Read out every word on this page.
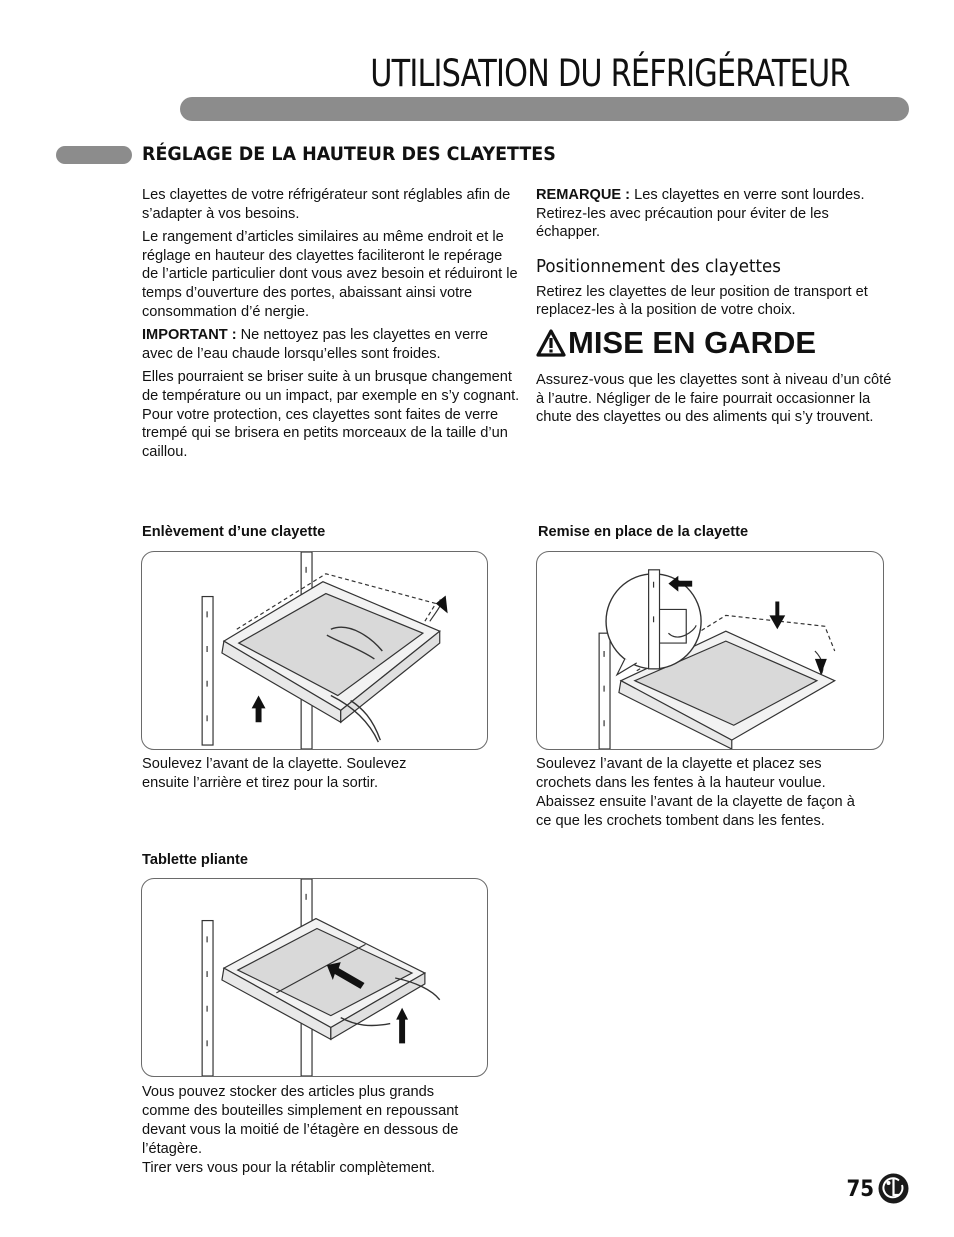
UTILISATION DU RÉFRIGÉRATEUR
RÉGLAGE DE LA HAUTEUR DES CLAYETTES

Les clayettes de votre réfrigérateur sont réglables afin de s’adapter à vos besoins.

Le rangement d’articles similaires au même endroit et le réglage en hauteur des clayettes faciliteront le repérage de l’article particulier dont vous avez besoin et réduiront le temps d’ouverture des portes, abaissant ainsi votre consommation d’é nergie.

IMPORTANT : Ne nettoyez pas les clayettes en verre avec de l’eau chaude lorsqu’elles sont froides.

Elles pourraient se briser suite à un brusque changement de température ou un impact, par exemple en s’y cognant. Pour votre protection, ces clayettes sont faites de verre trempé qui se brisera en petits morceaux de la taille d’un caillou.

REMARQUE : Les clayettes en verre sont lourdes. Retirez-les avec précaution pour éviter de les échapper.

Positionnement des clayettes

Retirez les clayettes de leur position de transport et replacez-les à la position de votre choix.

MISE EN GARDE

Assurez-vous que les clayettes sont à niveau d’un côté à l’autre. Négliger de le faire pourrait occasionner la chute des clayettes ou des aliments qui s’y trouvent.

Enlèvement d’une clayette
Soulevez l’avant de la clayette. Soulevez
ensuite l’arrière et tirez pour la sortir.
Remise en place de la clayette
Soulevez l’avant de la clayette et placez ses
crochets dans les fentes à la hauteur voulue.
Abaissez ensuite l’avant de la clayette de façon à
ce que les crochets tombent dans les fentes.
Tablette pliante
Vous pouvez stocker des articles plus grands
comme des bouteilles simplement en repoussant
devant vous la moitié de l’étagère en dessous de
l’étagère.
Tirer vers vous pour la rétablir complètement.
75
